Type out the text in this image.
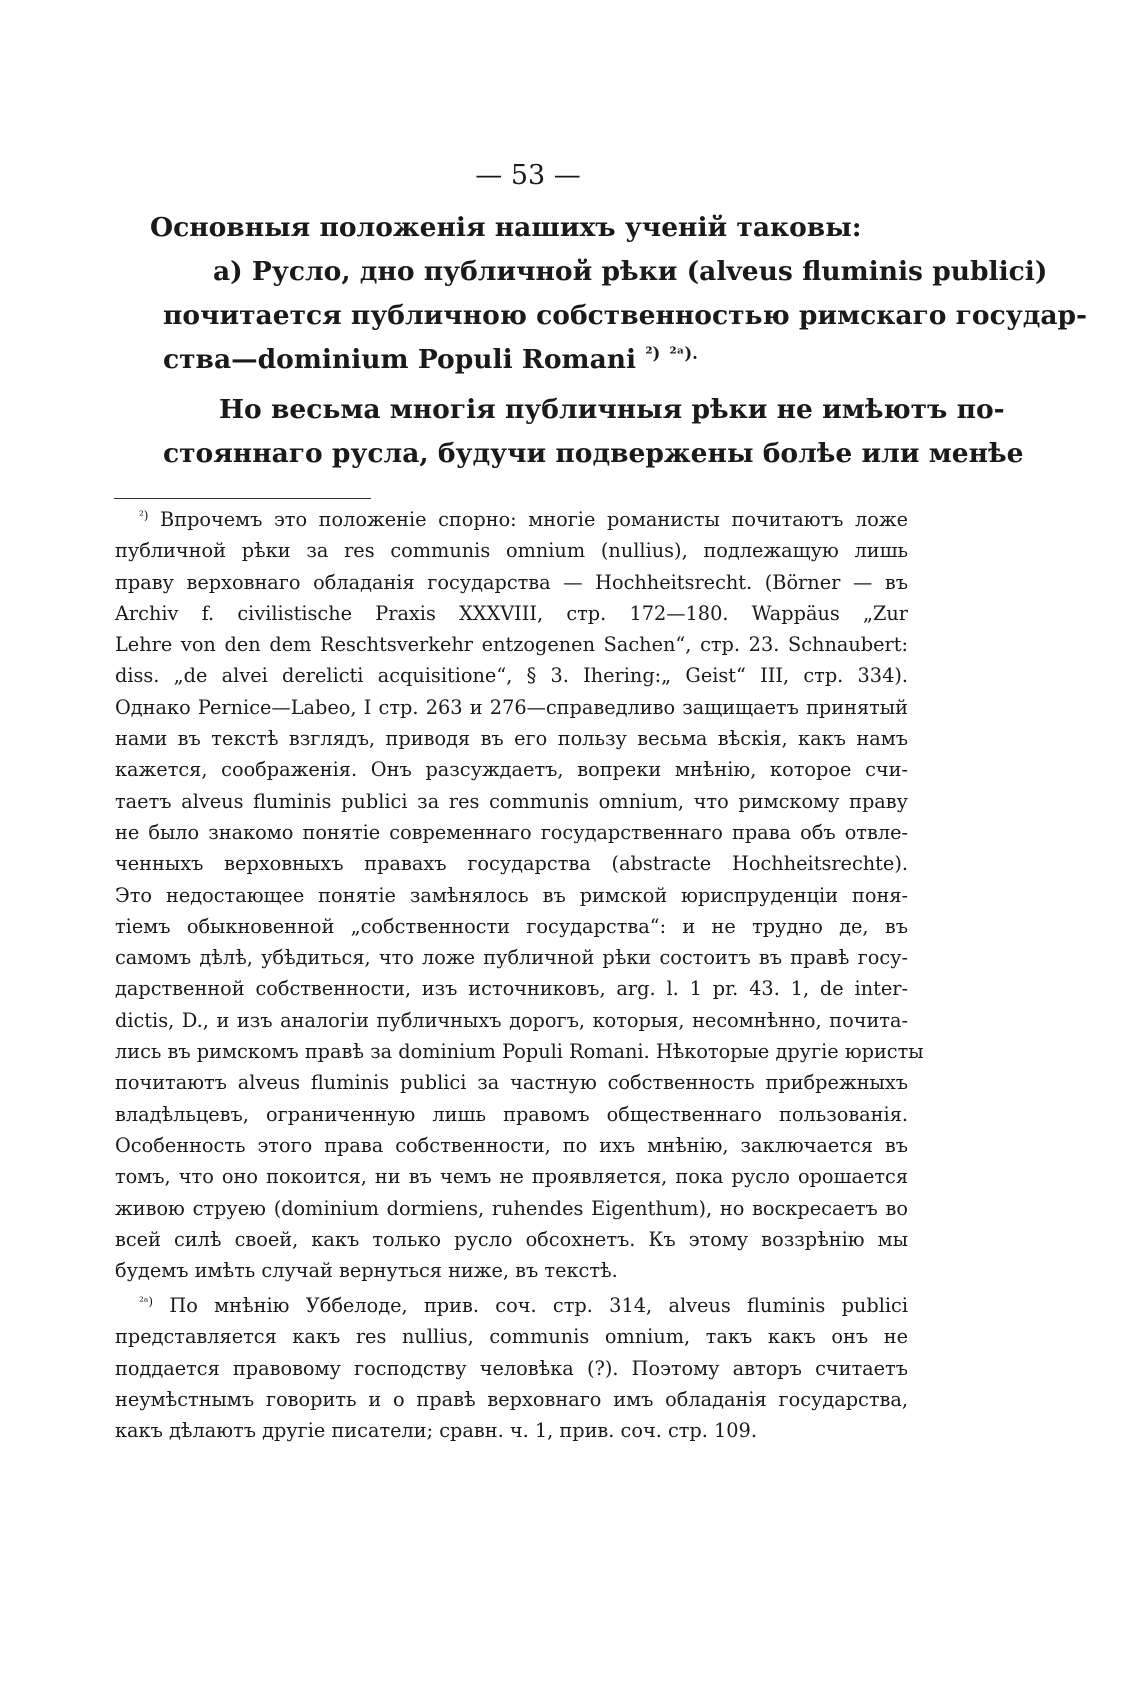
— 53 —
Основныя положенія нашихъ ученій таковы:
а) Русло, дно публичной рѣки (alveus fluminis publici)
почитается публичною собственностью римскаго государ-
ства—dominium Populi Romani $^{^2)}$ $^{^2ᵃ).}$
Но весьма многія публичныя рѣки не имѣютъ по-
стояннаго русла, будучи подвержены болѣе или менѣе
$^{^2)}$ Впрочемъ это положеніе спорно: многіе романисты почитаютъ ложе
публичной рѣки за res communis omnium (nullius), подлежащую лишь
праву верховнаго обладанія государства — Hochheitsrecht. (Börner — въ
Archiv f. civilistische Praxis XXXVIII, стр. 172—180. Wappäus „Zur
Lehre von den dem Reschtsverkehr entzogenen Sachen“, стр. 23. Schnaubert:
diss. „de alvei derelicti acquisitione“, § 3. Ihering:„ Geist“ III, стр. 334).
Однако Pernice—Labeo, I стр. 263 и 276—справедливо защищаетъ принятый
нами въ текстѣ взглядъ, приводя въ его пользу весьма вѣскія, какъ намъ
кажется, соображенія. Онъ разсуждаетъ, вопреки мнѣнію, которое счи-
таетъ alveus fluminis publici за res communis omnium, что римскому праву
не было знакомо понятіе современнаго государственнаго права объ отвле-
ченныхъ верховныхъ правахъ государства (abstracte Hochheitsrechte).
Это недостающее понятіе замѣнялось въ римской юриспруденціи поня-
тіемъ обыкновенной „собственности государства“: и не трудно де, въ
самомъ дѣлѣ, убѣдиться, что ложе публичной рѣки состоитъ въ правѣ госу-
дарственной собственности, изъ источниковъ, arg. l. 1 pr. 43. 1, de inter-
dictis, D., и изъ аналогіи публичныхъ дорогъ, которыя, несомнѣнно, почита-
лись въ римскомъ правѣ за dominium Populi Romani. Нѣкоторые другіе юристы
почитаютъ alveus fluminis publici за частную собственность прибрежныхъ
владѣльцевъ, ограниченную лишь правомъ общественнаго пользованія.
Особенность этого права собственности, по ихъ мнѣнію, заключается въ
томъ, что оно покоится, ни въ чемъ не проявляется, пока русло орошается
живою струею (dominium dormiens, ruhendes Eigenthum), но воскресаетъ во
всей силѣ своей, какъ только русло обсохнетъ. Къ этому воззрѣнію мы
будемъ имѣть случай вернуться ниже, въ текстѣ.
$^{^2ᵃ)}$ По мнѣнію Уббелоде, прив. соч. стр. 314, alveus fluminis publici
представляется какъ res nullius, communis omnium, такъ какъ онъ не
поддается правовому господству человѣка (?). Поэтому авторъ считаетъ
неумѣстнымъ говорить и о правѣ верховнаго имъ обладанія государства,
какъ дѣлаютъ другіе писатели; сравн. ч. 1, прив. соч. стр. 109.
